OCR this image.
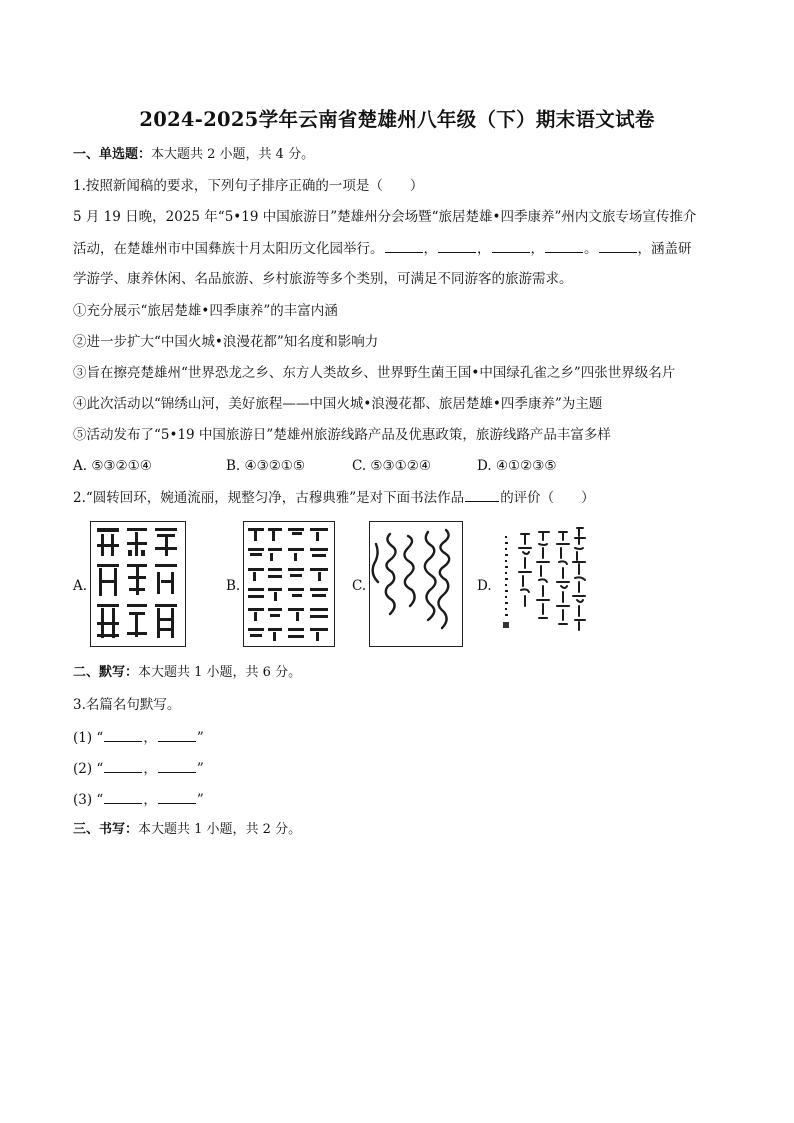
2024-2025学年云南省楚雄州八年级（下）期末语文试卷
一、单选题：本大题共 2 小题，共 4 分。
1.按照新闻稿的要求，下列句子排序正确的一项是（　　）
5 月 19 日晚，2025 年“5•19 中国旅游日”楚雄州分会场暨“旅居楚雄•四季康养”州内文旅专场宣传推介
活动，在楚雄州市中国彝族十月太阳历文化园举行。	，	，	，	。	，涵盖研
学游学、康养休闲、名品旅游、乡村旅游等多个类别，可满足不同游客的旅游需求。
①充分展示“旅居楚雄•四季康养”的丰富内涵
②进一步扩大“中国火城•浪漫花都”知名度和影响力
③旨在擦亮楚雄州“世界恐龙之乡、东方人类故乡、世界野生菌王国•中国绿孔雀之乡”四张世界级名片
④此次活动以“锦绣山河，美好旅程——中国火城•浪漫花都、旅居楚雄•四季康养”为主题
⑤活动发布了“5•19 中国旅游日”楚雄州旅游线路产品及优惠政策，旅游线路产品丰富多样
A. ⑤③②①④	B. ④③②①⑤	C. ⑤③①②④	D. ④①②③⑤
2.“圆转回环，婉通流丽，规整匀净，古穆典雅”是对下面书法作品	的评价（　　）
A.	B.	C.	D.
二、默写：本大题共 1 小题，共 6 分。
3.名篇名句默写。
(1) “	，	”
(2) “	，	”
(3) “	，	”
三、书写：本大题共 1 小题，共 2 分。
